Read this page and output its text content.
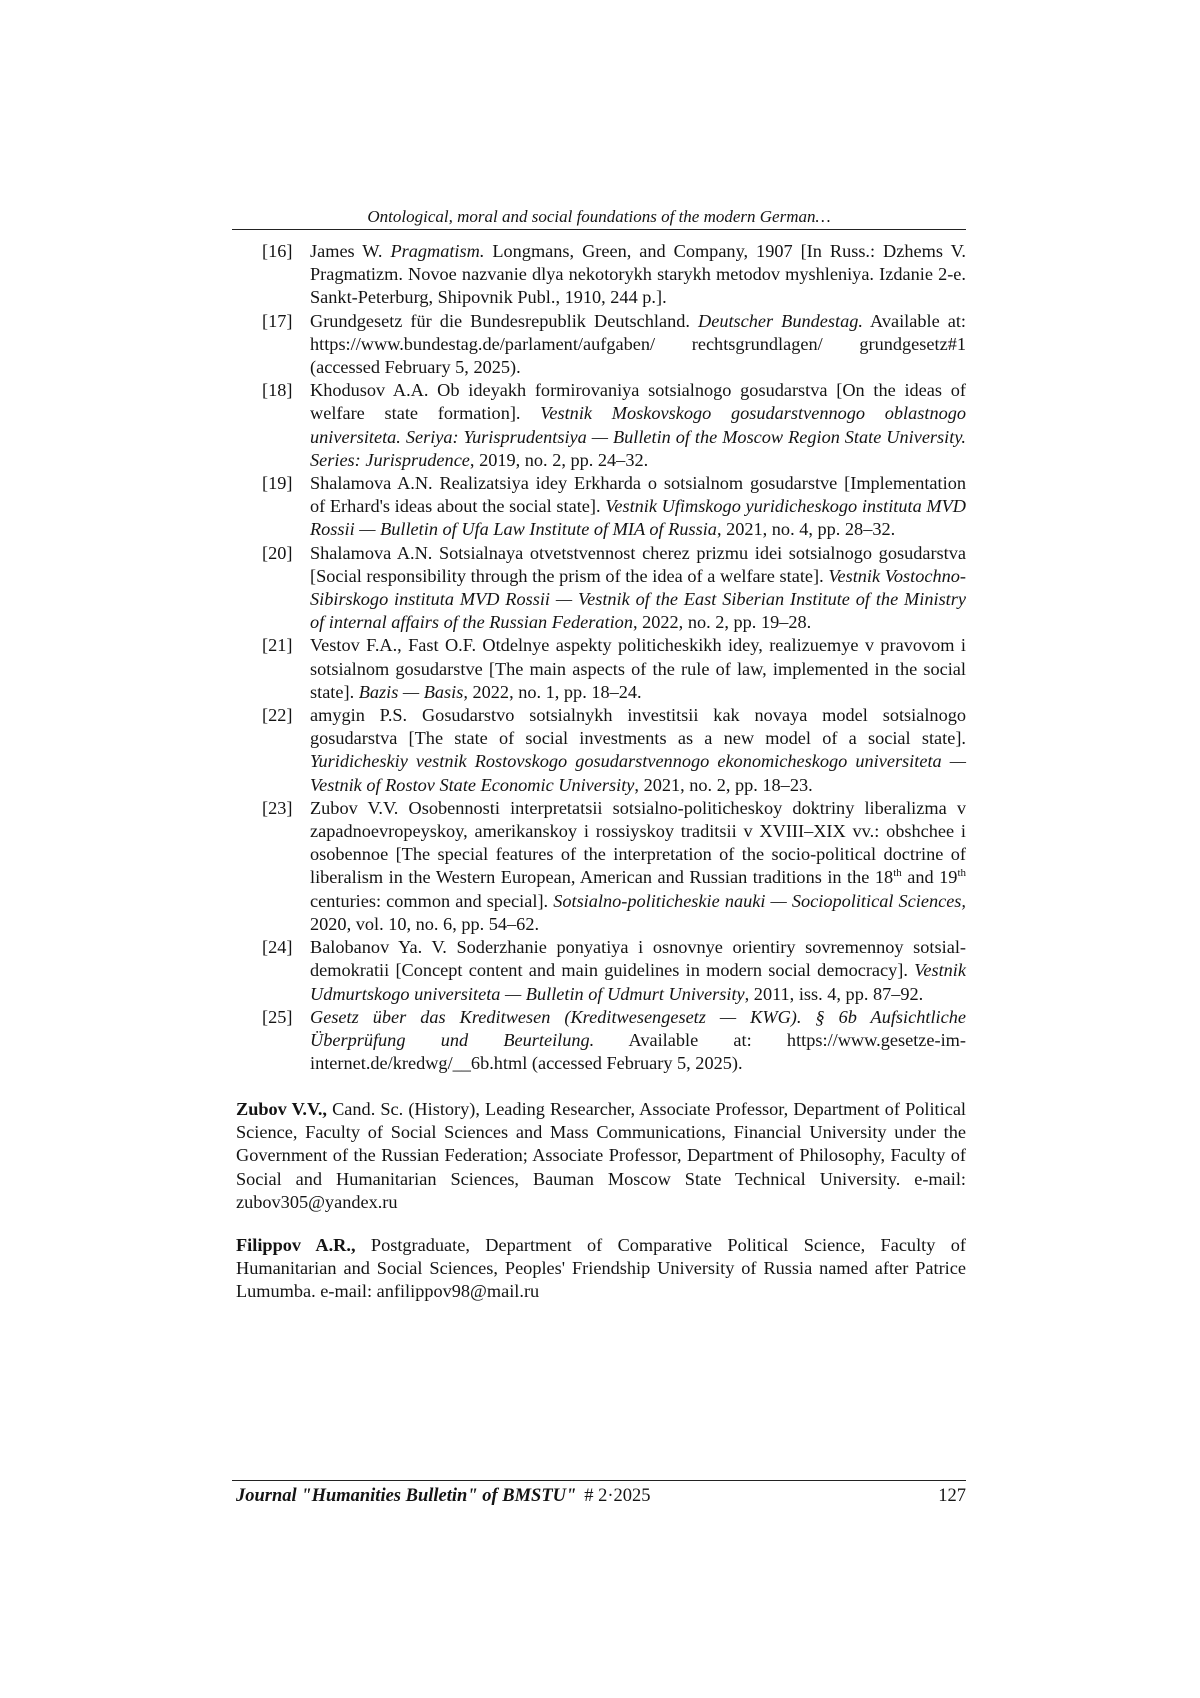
Ontological, moral and social foundations of the modern German…
[16] James W. Pragmatism. Longmans, Green, and Company, 1907 [In Russ.: Dzhems V. Pragmatizm. Novoe nazvanie dlya nekotorykh starykh metodov myshleniya. Izdanie 2-e. Sankt-Peterburg, Shipovnik Publ., 1910, 244 p.].
[17] Grundgesetz für die Bundesrepublik Deutschland. Deutscher Bundestag. Available at: https://www.bundestag.de/parlament/aufgaben/ rechtsgrundlagen/ grundgesetz#1 (accessed February 5, 2025).
[18] Khodusov A.A. Ob ideyakh formirovaniya sotsialnogo gosudarstva [On the ideas of welfare state formation]. Vestnik Moskovskogo gosudarstvennogo oblastnogo universiteta. Seriya: Yurisprudentsiya — Bulletin of the Moscow Region State University. Series: Jurisprudence, 2019, no. 2, pp. 24–32.
[19] Shalamova A.N. Realizatsiya idey Erkharda o sotsialnom gosudarstve [Implementation of Erhard's ideas about the social state]. Vestnik Ufimskogo yuridicheskogo instituta MVD Rossii — Bulletin of Ufa Law Institute of MIA of Russia, 2021, no. 4, pp. 28–32.
[20] Shalamova A.N. Sotsialnaya otvetstvennost cherez prizmu idei sotsialnogo gosudarstva [Social responsibility through the prism of the idea of a welfare state]. Vestnik Vostochno-Sibirskogo instituta MVD Rossii — Vestnik of the East Siberian Institute of the Ministry of internal affairs of the Russian Federation, 2022, no. 2, pp. 19–28.
[21] Vestov F.A., Fast O.F. Otdelnye aspekty politicheskikh idey, realizuemye v pravovom i sotsialnom gosudarstve [The main aspects of the rule of law, implemented in the social state]. Bazis — Basis, 2022, no. 1, pp. 18–24.
[22] amygin P.S. Gosudarstvo sotsialnykh investitsii kak novaya model sotsialnogo gosudarstva [The state of social investments as a new model of a social state]. Yuridicheskiy vestnik Rostovskogo gosudarstvennogo ekonomicheskogo universiteta — Vestnik of Rostov State Economic University, 2021, no. 2, pp. 18–23.
[23] Zubov V.V. Osobennosti interpretatsii sotsialno-politicheskoy doktriny liberalizma v zapadnoevropeyskoy, amerikanskoy i rossiyskoy traditsii v XVIII–XIX vv.: obshchee i osobennoe [The special features of the interpretation of the socio-political doctrine of liberalism in the Western European, American and Russian traditions in the 18th and 19th centuries: common and special]. Sotsialno-politicheskie nauki — Sociopolitical Sciences, 2020, vol. 10, no. 6, pp. 54–62.
[24] Balobanov Ya. V. Soderzhanie ponyatiya i osnovnye orientiry sovremennoy sotsial-demokratii [Concept content and main guidelines in modern social democracy]. Vestnik Udmurtskogo universiteta — Bulletin of Udmurt University, 2011, iss. 4, pp. 87–92.
[25] Gesetz über das Kreditwesen (Kreditwesengesetz — KWG). § 6b Aufsichtliche Überprüfung und Beurteilung. Available at: https://www.gesetze-im-internet.de/kredwg/__6b.html (accessed February 5, 2025).
Zubov V.V., Cand. Sc. (History), Leading Researcher, Associate Professor, Department of Political Science, Faculty of Social Sciences and Mass Communications, Financial University under the Government of the Russian Federation; Associate Professor, Department of Philosophy, Faculty of Social and Humanitarian Sciences, Bauman Moscow State Technical University. e-mail: zubov305@yandex.ru
Filippov A.R., Postgraduate, Department of Comparative Political Science, Faculty of Humanitarian and Social Sciences, Peoples' Friendship University of Russia named after Patrice Lumumba. e-mail: anfilippov98@mail.ru
Journal "Humanities Bulletin" of BMSTU" # 2·2025	127
